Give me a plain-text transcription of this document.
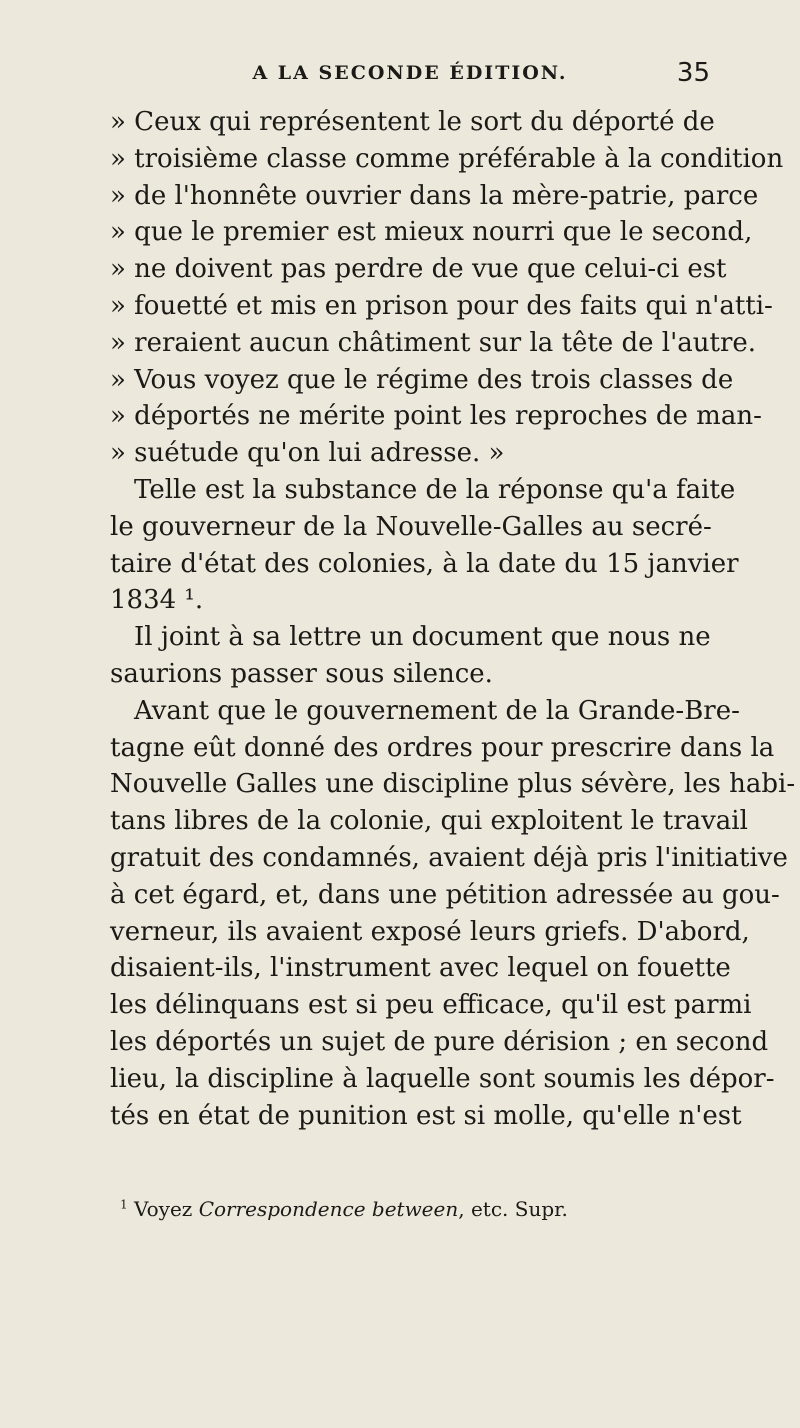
A LA SECONDE ÉDITION.	35
» Ceux qui représentent le sort du déporté de
» troisième classe comme préférable à la condition
» de l'honnête ouvrier dans la mère-patrie, parce
» que le premier est mieux nourri que le second,
» ne doivent pas perdre de vue que celui-ci est
» fouetté et mis en prison pour des faits qui n'atti-
» reraient aucun châtiment sur la tête de l'autre.
» Vous voyez que le régime des trois classes de
» déportés ne mérite point les reproches de man-
» suétude qu'on lui adresse. »
Telle est la substance de la réponse qu'a faite
le gouverneur de la Nouvelle-Galles au secré-
taire d'état des colonies, à la date du 15 janvier
1834 ¹.
Il joint à sa lettre un document que nous ne
saurions passer sous silence.
Avant que le gouvernement de la Grande-Bre-
tagne eût donné des ordres pour prescrire dans la
Nouvelle Galles une discipline plus sévère, les habi-
tans libres de la colonie, qui exploitent le travail
gratuit des condamnés, avaient déjà pris l'initiative
à cet égard, et, dans une pétition adressée au gou-
verneur, ils avaient exposé leurs griefs. D'abord,
disaient-ils, l'instrument avec lequel on fouette
les délinquans est si peu efficace, qu'il est parmi
les déportés un sujet de pure dérision ; en second
lieu, la discipline à laquelle sont soumis les dépor-
tés en état de punition est si molle, qu'elle n'est
$^1$ Voyez Correspondence between, etc. Supr.
